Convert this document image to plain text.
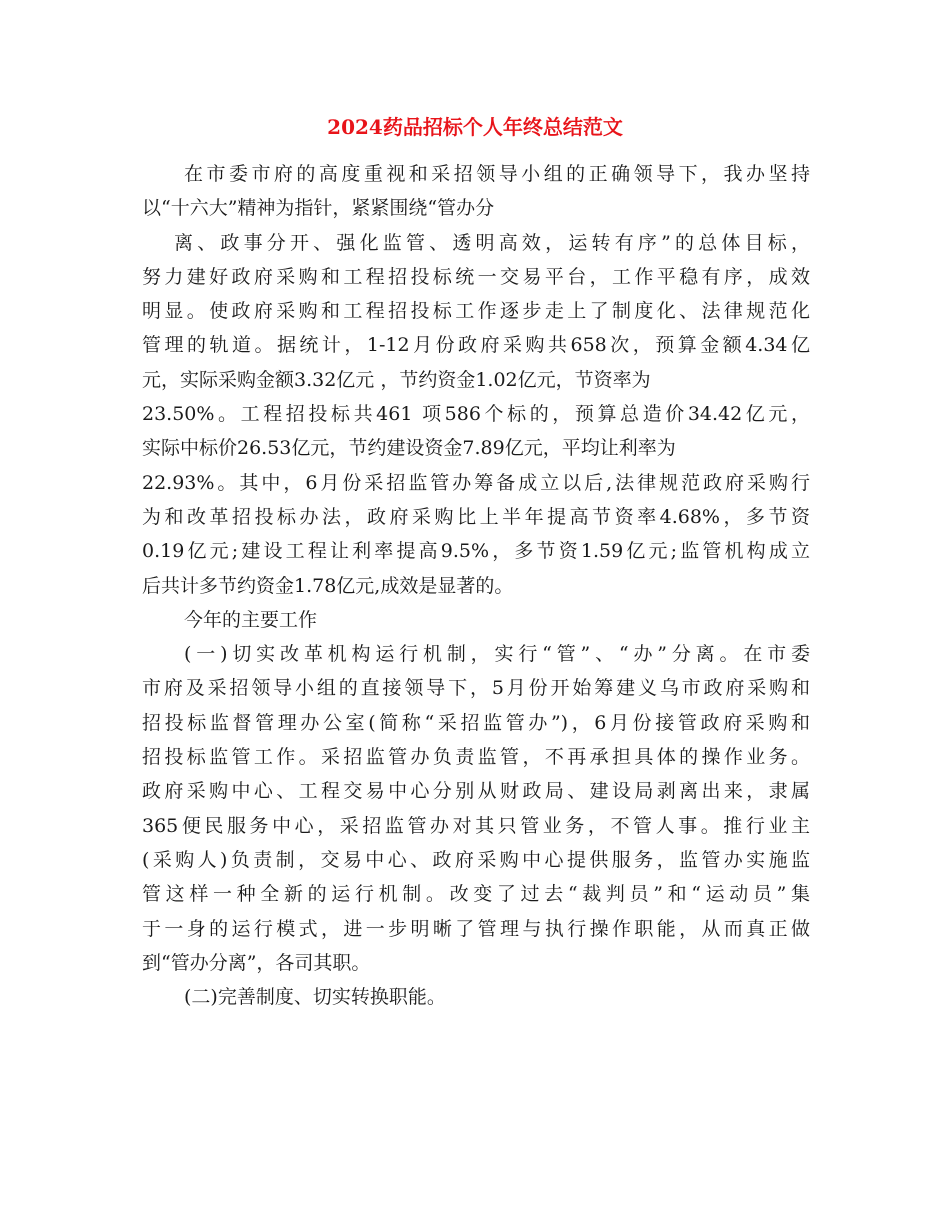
2024药品招标个人年终总结范文
在市委市府的高度重视和采招领导小组的正确领导下，我办坚持
以“十六大”精神为指针，紧紧围绕“管办分
离、政事分开、强化监管、透明高效，运转有序”的总体目标，
努力建好政府采购和工程招投标统一交易平台，工作平稳有序，成效
明显。使政府采购和工程招投标工作逐步走上了制度化、法律规范化
管理的轨道。据统计，1-12月份政府采购共658次，预算金额4.34亿
元，实际采购金额3.32亿元 ，节约资金1.02亿元，节资率为
23.50%。工程招投标共461 项586个标的，预算总造价34.42亿元，
实际中标价26.53亿元，节约建设资金7.89亿元，平均让利率为
22.93%。其中，6月份采招监管办筹备成立以后,法律规范政府采购行
为和改革招投标办法，政府采购比上半年提高节资率4.68%，多节资
0.19亿元;建设工程让利率提高9.5%，多节资1.59亿元;监管机构成立
后共计多节约资金1.78亿元,成效是显著的。
今年的主要工作
(一)切实改革机构运行机制，实行“管”、“办”分离。在市委
市府及采招领导小组的直接领导下，5月份开始筹建义乌市政府采购和
招投标监督管理办公室(简称“采招监管办”)，6月份接管政府采购和
招投标监管工作。采招监管办负责监管，不再承担具体的操作业务。
政府采购中心、工程交易中心分别从财政局、建设局剥离出来，隶属
365便民服务中心，采招监管办对其只管业务，不管人事。推行业主
(采购人)负责制，交易中心、政府采购中心提供服务，监管办实施监
管这样一种全新的运行机制。改变了过去“裁判员”和“运动员”集
于一身的运行模式，进一步明晰了管理与执行操作职能，从而真正做
到“管办分离”，各司其职。
(二)完善制度、切实转换职能。
